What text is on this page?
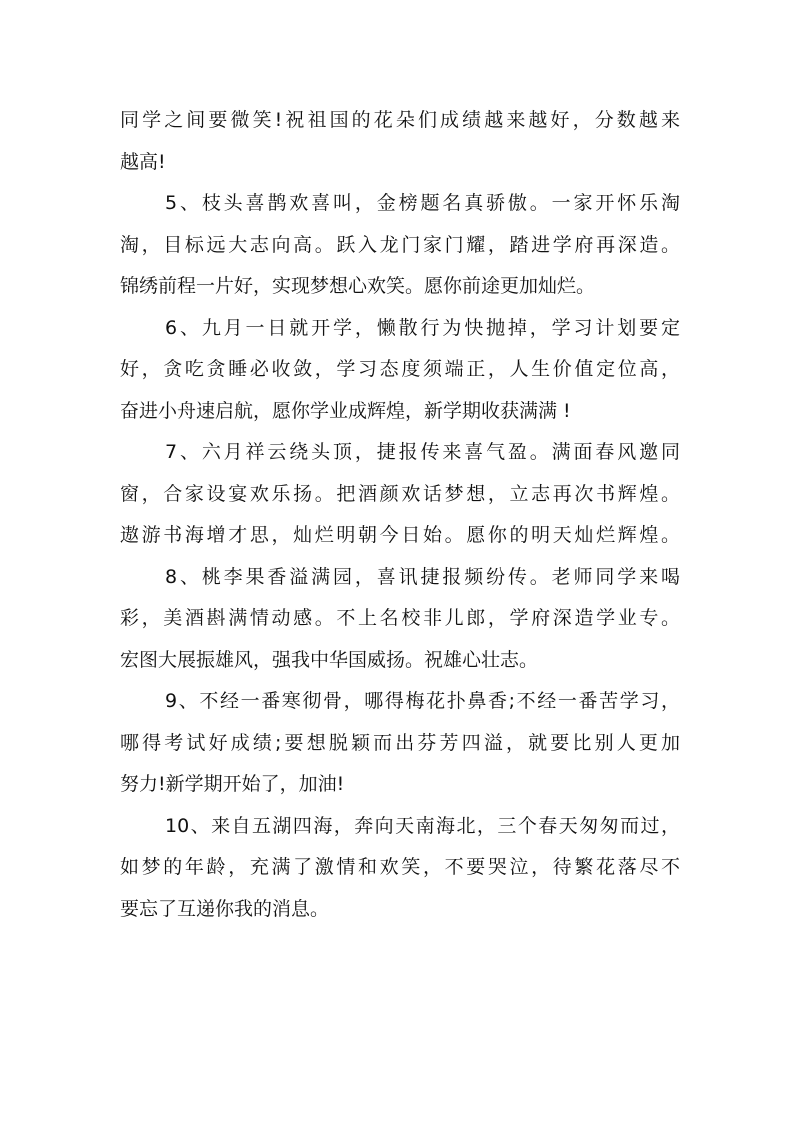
同学之间要微笑!祝祖国的花朵们成绩越来越好，分数越来
越高!
5、枝头喜鹊欢喜叫，金榜题名真骄傲。一家开怀乐淘
淘，目标远大志向高。跃入龙门家门耀，踏进学府再深造。
锦绣前程一片好，实现梦想心欢笑。愿你前途更加灿烂。
6、九月一日就开学，懒散行为快抛掉，学习计划要定
好，贪吃贪睡必收敛，学习态度须端正，人生价值定位高，
奋进小舟速启航，愿你学业成辉煌，新学期收获满满 !
7、六月祥云绕头顶，捷报传来喜气盈。满面春风邀同
窗，合家设宴欢乐扬。把酒颜欢话梦想，立志再次书辉煌。
遨游书海增才思，灿烂明朝今日始。愿你的明天灿烂辉煌。
8、桃李果香溢满园，喜讯捷报频纷传。老师同学来喝
彩，美酒斟满情动感。不上名校非儿郎，学府深造学业专。
宏图大展振雄风，强我中华国威扬。祝雄心壮志。
9、不经一番寒彻骨，哪得梅花扑鼻香;不经一番苦学习，
哪得考试好成绩;要想脱颖而出芬芳四溢，就要比别人更加
努力!新学期开始了，加油!
10、来自五湖四海，奔向天南海北，三个春天匆匆而过，
如梦的年龄，充满了激情和欢笑，不要哭泣，待繁花落尽不
要忘了互递你我的消息。
